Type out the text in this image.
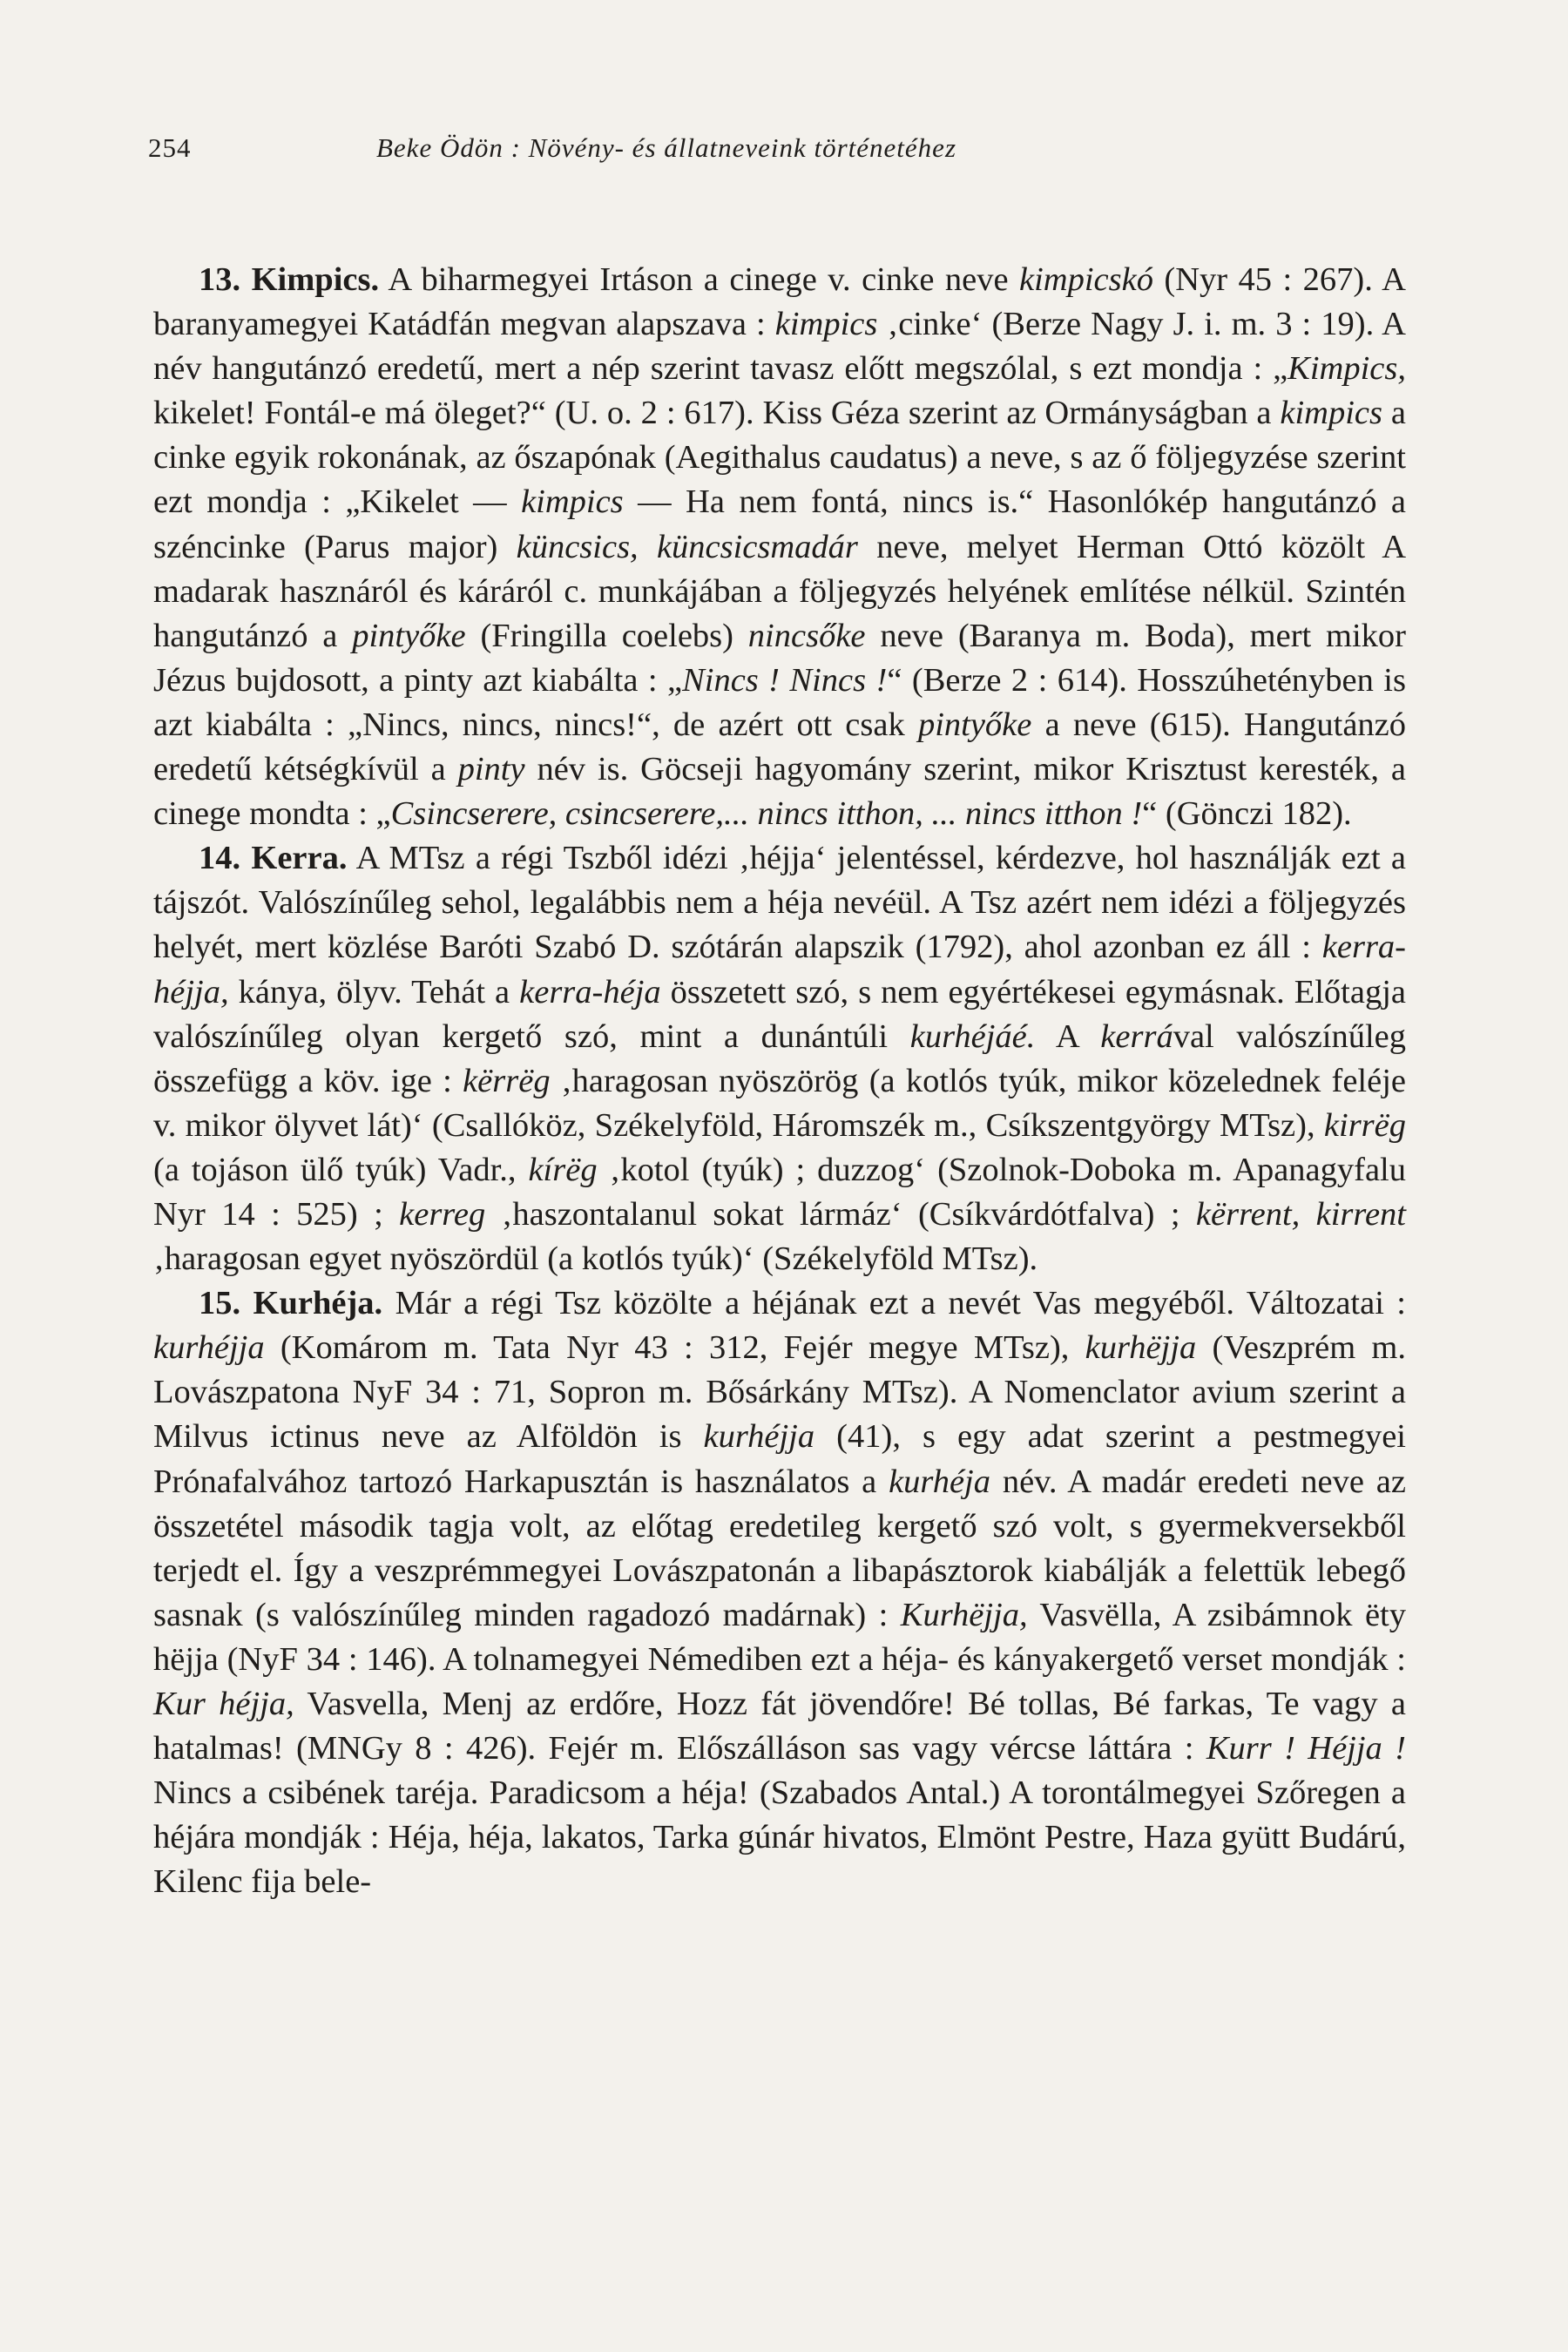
254	Beke Ödön : Növény- és állatneveink történetéhez

13. Kimpics. A biharmegyei Irtáson a cinege v. cinke neve kimpicskó (Nyr 45 : 267). A baranyamegyei Katádfán megvan alapszava : kimpics ‚cinke‘ (Berze Nagy J. i. m. 3 : 19). A név hangutánzó eredetű, mert a nép szerint tavasz előtt megszólal, s ezt mondja : „Kimpics, kikelet! Fontál-e má öleget?“ (U. o. 2 : 617). Kiss Géza szerint az Ormányságban a kimpics a cinke egyik rokonának, az őszapónak (Aegithalus caudatus) a neve, s az ő följegyzése szerint ezt mondja : „Kikelet — kimpics — Ha nem fontá, nincs is.“ Hasonlókép hangutánzó a széncinke (Parus major) küncsics, küncsicsmadár neve, melyet Herman Ottó közölt A madarak hasznáról és káráról c. munkájában a följegyzés helyének említése nélkül. Szintén hangutánzó a pintyőke (Fringilla coelebs) nincsőke neve (Baranya m. Boda), mert mikor Jézus bujdosott, a pinty azt kiabálta : „Nincs ! Nincs !“ (Berze 2 : 614). Hosszúhetényben is azt kiabálta : „Nincs, nincs, nincs!“, de azért ott csak pintyőke a neve (615). Hangutánzó eredetű kétségkívül a pinty név is. Göcseji hagyomány szerint, mikor Krisztust keresték, a cinege mondta : „Csincserere, csincserere,... nincs itthon, ... nincs itthon !“ (Gönczi 182).

14. Kerra. A MTsz a régi Tszből idézi ‚héjja‘ jelentéssel, kérdezve, hol használják ezt a tájszót. Valószínűleg sehol, legalábbis nem a héja nevéül. A Tsz azért nem idézi a följegyzés helyét, mert közlése Baróti Szabó D. szótárán alapszik (1792), ahol azonban ez áll : kerra-héjja, kánya, ölyv. Tehát a kerra-héja összetett szó, s nem egyértékesei egymásnak. Előtagja valószínűleg olyan kergető szó, mint a dunántúli kurhéjáé. A kerrával valószínűleg összefügg a köv. ige : kërrëg ‚haragosan nyöszörög (a kotlós tyúk, mikor közelednek feléje v. mikor ölyvet lát)‘ (Csallóköz, Székelyföld, Háromszék m., Csíkszentgyörgy MTsz), kirrëg (a tojáson ülő tyúk) Vadr., kírëg ‚kotol (tyúk) ; duzzog‘ (Szolnok-Doboka m. Apanagyfalu Nyr 14 : 525) ; kerreg ‚haszontalanul sokat lármáz‘ (Csíkvárdótfalva) ; kërrent, kirrent ‚haragosan egyet nyöszördül (a kotlós tyúk)‘ (Székelyföld MTsz).

15. Kurhéja. Már a régi Tsz közölte a héjának ezt a nevét Vas megyéből. Változatai : kurhéjja (Komárom m. Tata Nyr 43 : 312, Fejér megye MTsz), kurhëjja (Veszprém m. Lovászpatona NyF 34 : 71, Sopron m. Bősárkány MTsz). A Nomenclator avium szerint a Milvus ictinus neve az Alföldön is kurhéjja (41), s egy adat szerint a pestmegyei Prónafalvához tartozó Harkapusztán is használatos a kurhéja név. A madár eredeti neve az összetétel második tagja volt, az előtag eredetileg kergető szó volt, s gyermekversekből terjedt el. Így a veszprémmegyei Lovászpatonán a libapásztorok kiabálják a felettük lebegő sasnak (s valószínűleg minden ragadozó madárnak) : Kurhëjja, Vasvëlla, A zsibámnok ëty hëjja (NyF 34 : 146). A tolnamegyei Némediben ezt a héja- és kányakergető verset mondják : Kur héjja, Vasvella, Menj az erdőre, Hozz fát jövendőre! Bé tollas, Bé farkas, Te vagy a hatalmas! (MNGy 8 : 426). Fejér m. Előszálláson sas vagy vércse láttára : Kurr ! Héjja ! Nincs a csibének taréja. Paradicsom a héja! (Szabados Antal.) A torontálmegyei Szőregen a héjára mondják : Héja, héja, lakatos, Tarka gúnár hivatos, Elmönt Pestre, Haza gyütt Budárú, Kilenc fija bele-
